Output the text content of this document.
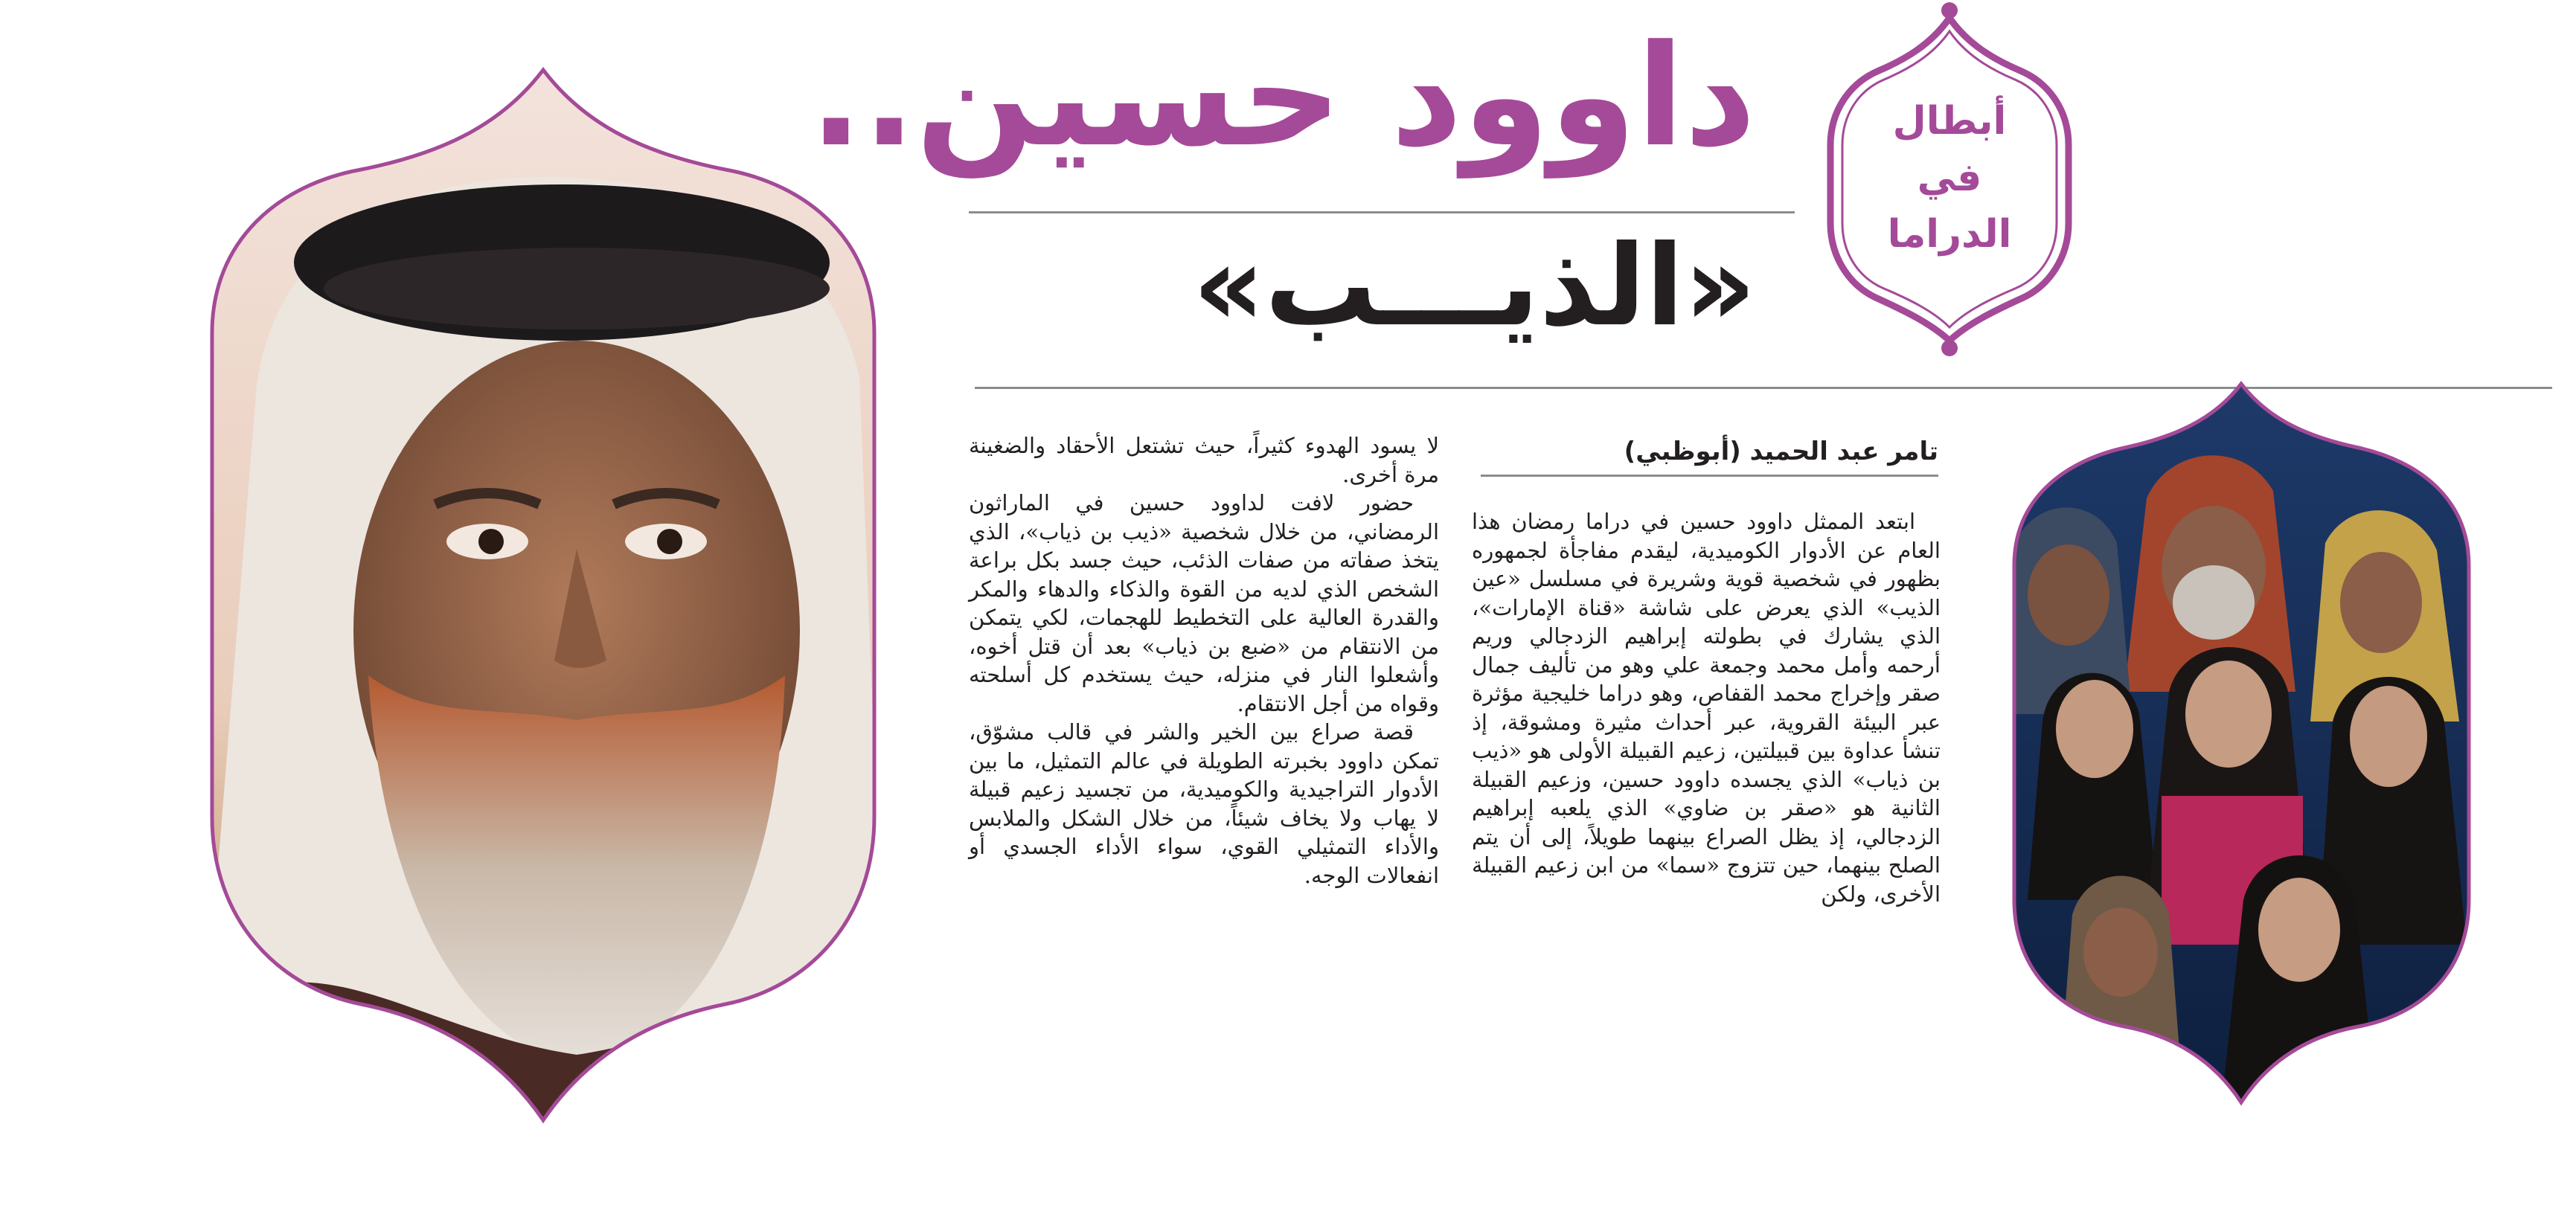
داوود حسين..
«الذيـــب»
أبطال
في
الدراما
تامر عبد الحميد (أبوظبي)

ابتعد الممثل داوود حسين في دراما رمضان هذا العام عن الأدوار الكوميدية، ليقدم مفاجأة لجمهوره بظهور في شخصية قوية وشريرة في مسلسل «عين الذيب» الذي يعرض على شاشة «قناة الإمارات»، الذي يشارك في بطولته إبراهيم الزدجالي وريم أرحمه وأمل محمد وجمعة علي وهو من تأليف جمال صقر وإخراج محمد القفاص، وهو دراما خليجية مؤثرة عبر البيئة القروية، عبر أحداث مثيرة ومشوقة، إذ تنشأ عداوة بين قبيلتين، زعيم القبيلة الأولى هو «ذيب بن ذياب» الذي يجسده داوود حسين، وزعيم القبيلة الثانية هو «صقر بن ضاوي» الذي يلعبه إبراهيم الزدجالي، إذ يظل الصراع بينهما طويلاً، إلى أن يتم الصلح بينهما، حين تتزوج «سما» من ابن زعيم القبيلة الأخرى، ولكن

لا يسود الهدوء كثيراً، حيث تشتعل الأحقاد والضغينة مرة أخرى.

حضور لافت لداوود حسين في الماراثون الرمضاني، من خلال شخصية «ذيب بن ذياب»، الذي يتخذ صفاته من صفات الذئب، حيث جسد بكل براعة الشخص الذي لديه من القوة والذكاء والدهاء والمكر والقدرة العالية على التخطيط للهجمات، لكي يتمكن من الانتقام من «ضبع بن ذياب» بعد أن قتل أخوه، وأشعلوا النار في منزله، حيث يستخدم كل أسلحته وقواه من أجل الانتقام.

قصة صراع بين الخير والشر في قالب مشوّق، تمكن داوود بخبرته الطويلة في عالم التمثيل، ما بين الأدوار التراجيدية والكوميدية، من تجسيد زعيم قبيلة لا يهاب ولا يخاف شيئاً، من خلال الشكل والملابس والأداء التمثيلي القوي، سواء الأداء الجسدي أو انفعالات الوجه.
